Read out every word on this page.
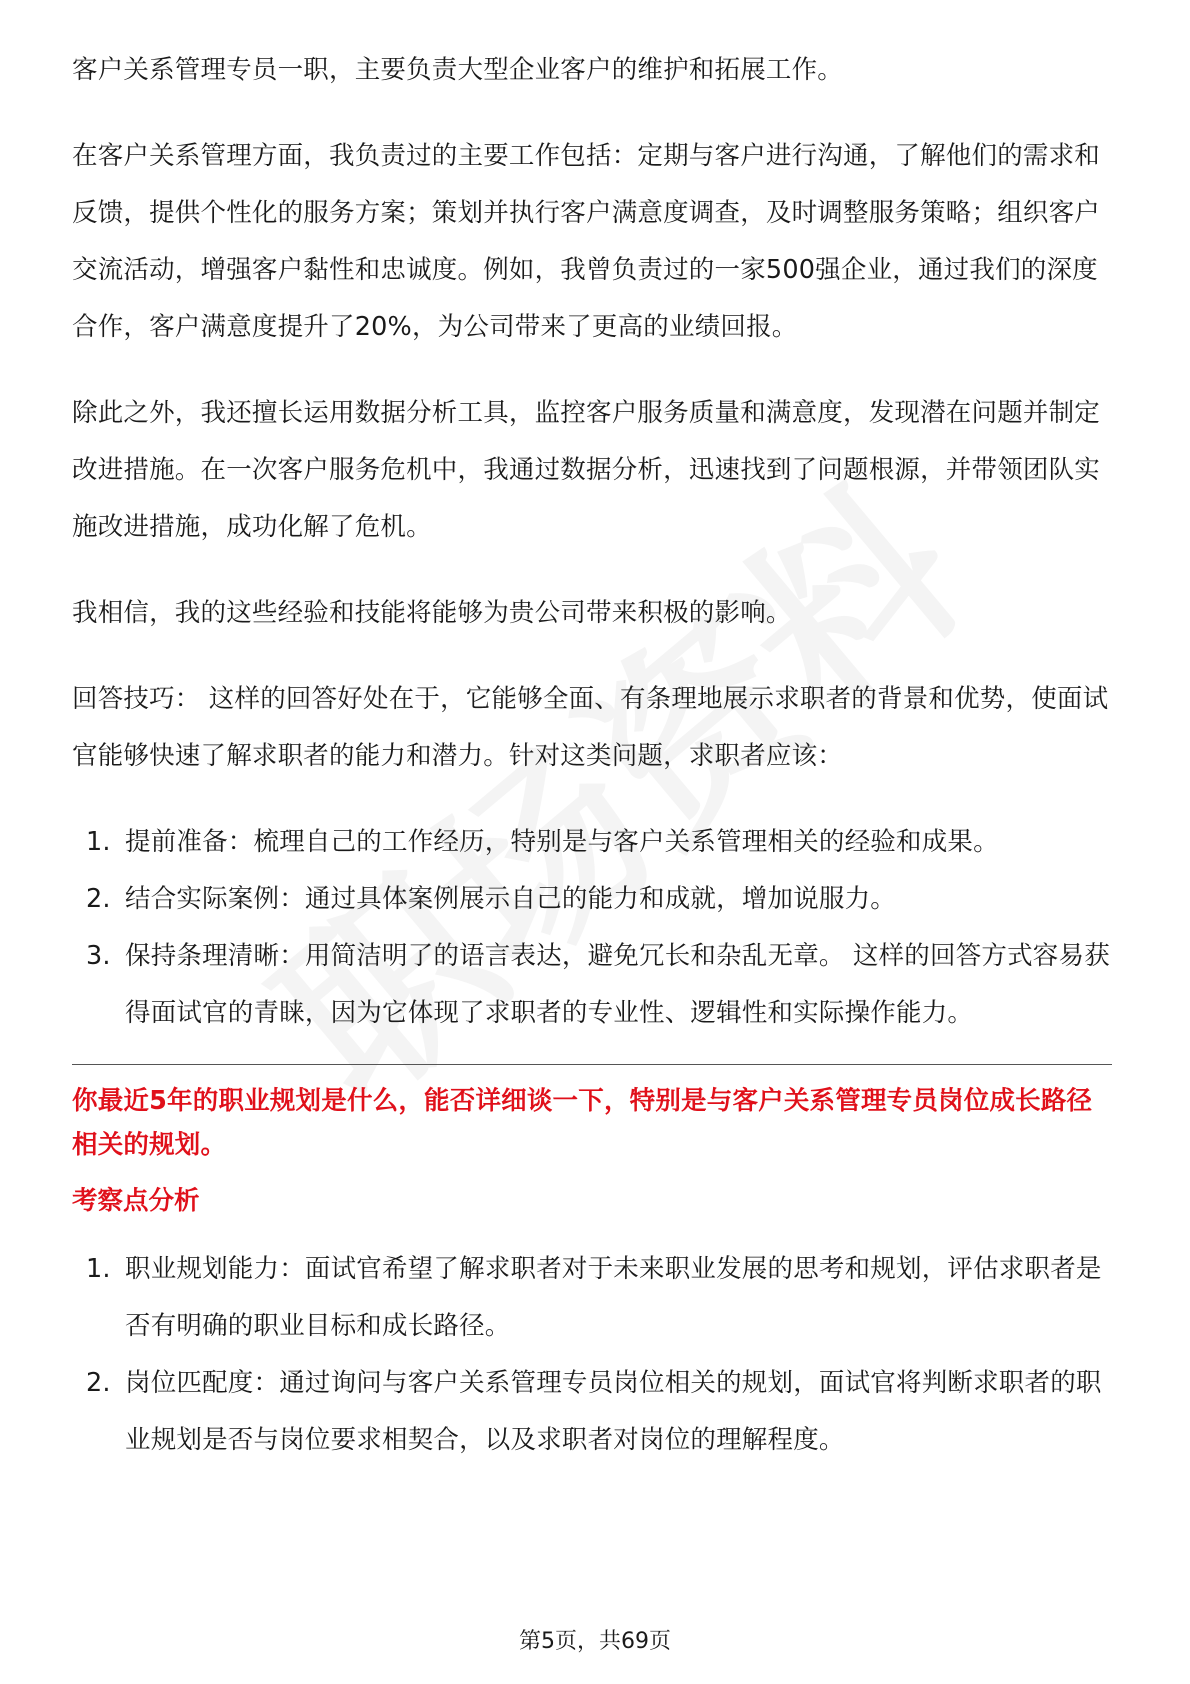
客户关系管理专员一职，主要负责大型企业客户的维护和拓展工作。

在客户关系管理方面，我负责过的主要工作包括：定期与客户进行沟通，了解他们的需求和反馈，提供个性化的服务方案；策划并执行客户满意度调查，及时调整服务策略；组织客户交流活动，增强客户黏性和忠诚度。例如，我曾负责过的一家500强企业，通过我们的深度合作，客户满意度提升了20%，为公司带来了更高的业绩回报。

除此之外，我还擅长运用数据分析工具，监控客户服务质量和满意度，发现潜在问题并制定改进措施。在一次客户服务危机中，我通过数据分析，迅速找到了问题根源，并带领团队实施改进措施，成功化解了危机。

我相信，我的这些经验和技能将能够为贵公司带来积极的影响。

回答技巧： 这样的回答好处在于，它能够全面、有条理地展示求职者的背景和优势，使面试官能够快速了解求职者的能力和潜力。针对这类问题，求职者应该：

1. 提前准备：梳理自己的工作经历，特别是与客户关系管理相关的经验和成果。
2. 结合实际案例：通过具体案例展示自己的能力和成就，增加说服力。
3. 保持条理清晰：用简洁明了的语言表达，避免冗长和杂乱无章。 这样的回答方式容易获得面试官的青睐，因为它体现了求职者的专业性、逻辑性和实际操作能力。
你最近5年的职业规划是什么，能否详细谈一下，特别是与客户关系管理专员岗位成长路径相关的规划。
考察点分析
1. 职业规划能力：面试官希望了解求职者对于未来职业发展的思考和规划，评估求职者是否有明确的职业目标和成长路径。
2. 岗位匹配度：通过询问与客户关系管理专员岗位相关的规划，面试官将判断求职者的职业规划是否与岗位要求相契合，以及求职者对岗位的理解程度。
第5页，共69页
